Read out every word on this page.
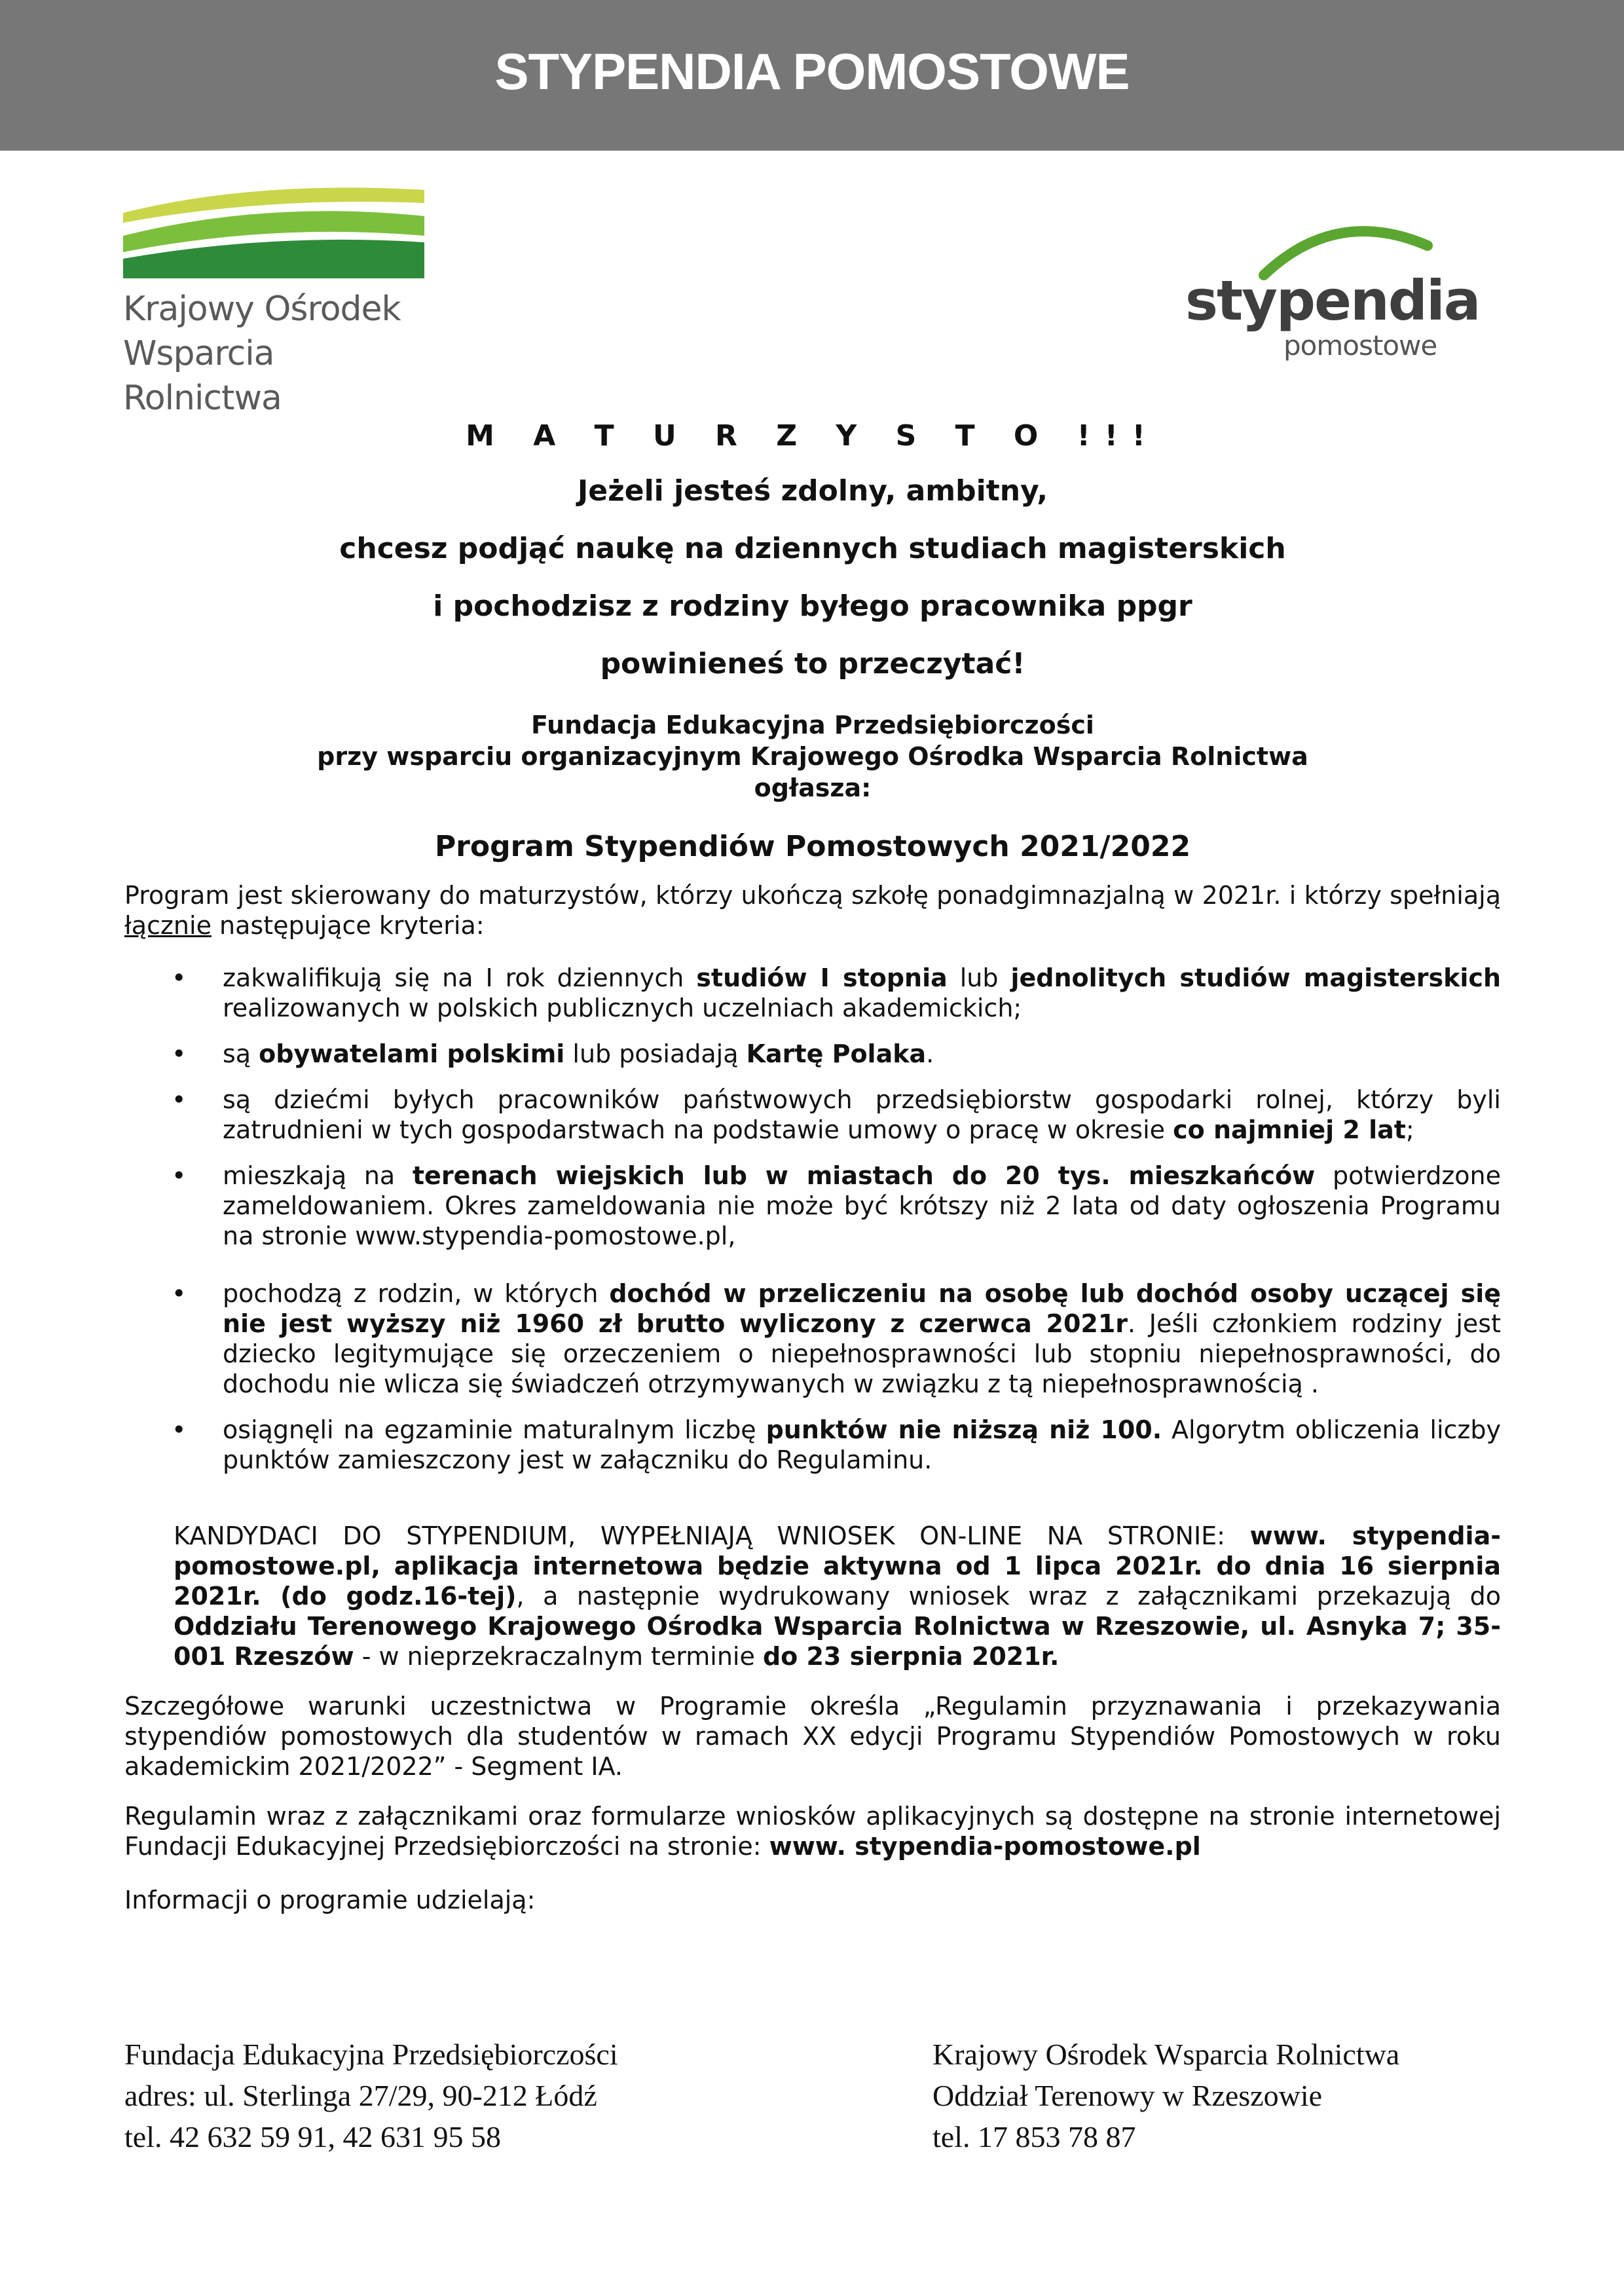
STYPENDIA POMOSTOWE
Krajowy Ośrodek
Wsparcia Rolnictwa
stypendia
pomostowe
M A T U R Z Y S T O !!!
Jeżeli jesteś zdolny, ambitny,
chcesz podjąć naukę na dziennych studiach magisterskich
i pochodzisz z rodziny byłego pracownika ppgr
powinieneś to przeczytać!
Fundacja Edukacyjna Przedsiębiorczości
przy wsparciu organizacyjnym Krajowego Ośrodka Wsparcia Rolnictwa
ogłasza:
Program Stypendiów Pomostowych 2021/2022

Program jest skierowany do maturzystów, którzy ukończą szkołę ponadgimnazjalną w 2021r. i którzy spełniają łącznie następujące kryteria:

• zakwalifikują się na I rok dziennych studiów I stopnia lub jednolitych studiów magisterskich realizowanych w polskich publicznych uczelniach akademickich;
• są obywatelami polskimi lub posiadają Kartę Polaka.
• są dziećmi byłych pracowników państwowych przedsiębiorstw gospodarki rolnej, którzy byli zatrudnieni w tych gospodarstwach na podstawie umowy o pracę w okresie co najmniej 2 lat;
• mieszkają na terenach wiejskich lub w miastach do 20 tys. mieszkańców potwierdzone zameldowaniem. Okres zameldowania nie może być krótszy niż 2 lata od daty ogłoszenia Programu na stronie www.stypendia-pomostowe.pl,
• pochodzą z rodzin, w których dochód w przeliczeniu na osobę lub dochód osoby uczącej się nie jest wyższy niż 1960 zł brutto wyliczony z czerwca 2021r. Jeśli członkiem rodziny jest dziecko legitymujące się orzeczeniem o niepełnosprawności lub stopniu niepełnosprawności, do dochodu nie wlicza się świadczeń otrzymywanych w związku z tą niepełnosprawnością .
• osiągnęli na egzaminie maturalnym liczbę punktów nie niższą niż 100. Algorytm obliczenia liczby punktów zamieszczony jest w załączniku do Regulaminu.

KANDYDACI DO STYPENDIUM, WYPEŁNIAJĄ WNIOSEK ON-LINE NA STRONIE: www. stypendia-pomostowe.pl, aplikacja internetowa będzie aktywna od 1 lipca 2021r. do dnia 16 sierpnia 2021r. (do godz.16-tej), a następnie wydrukowany wniosek wraz z załącznikami przekazują do Oddziału Terenowego Krajowego Ośrodka Wsparcia Rolnictwa w Rzeszowie, ul. Asnyka 7; 35-001 Rzeszów - w nieprzekraczalnym terminie do 23 sierpnia 2021r.

Szczegółowe warunki uczestnictwa w Programie określa „Regulamin przyznawania i przekazywania stypendiów pomostowych dla studentów w ramach XX edycji Programu Stypendiów Pomostowych w roku akademickim 2021/2022” - Segment IA.

Regulamin wraz z załącznikami oraz formularze wniosków aplikacyjnych są dostępne na stronie internetowej Fundacji Edukacyjnej Przedsiębiorczości na stronie: www. stypendia-pomostowe.pl

Informacji o programie udzielają:

Fundacja Edukacyjna Przedsiębiorczości
adres: ul. Sterlinga 27/29, 90-212 Łódź
tel. 42 632 59 91, 42 631 95 58
Krajowy Ośrodek Wsparcia Rolnictwa
Oddział Terenowy w Rzeszowie
tel. 17 853 78 87
